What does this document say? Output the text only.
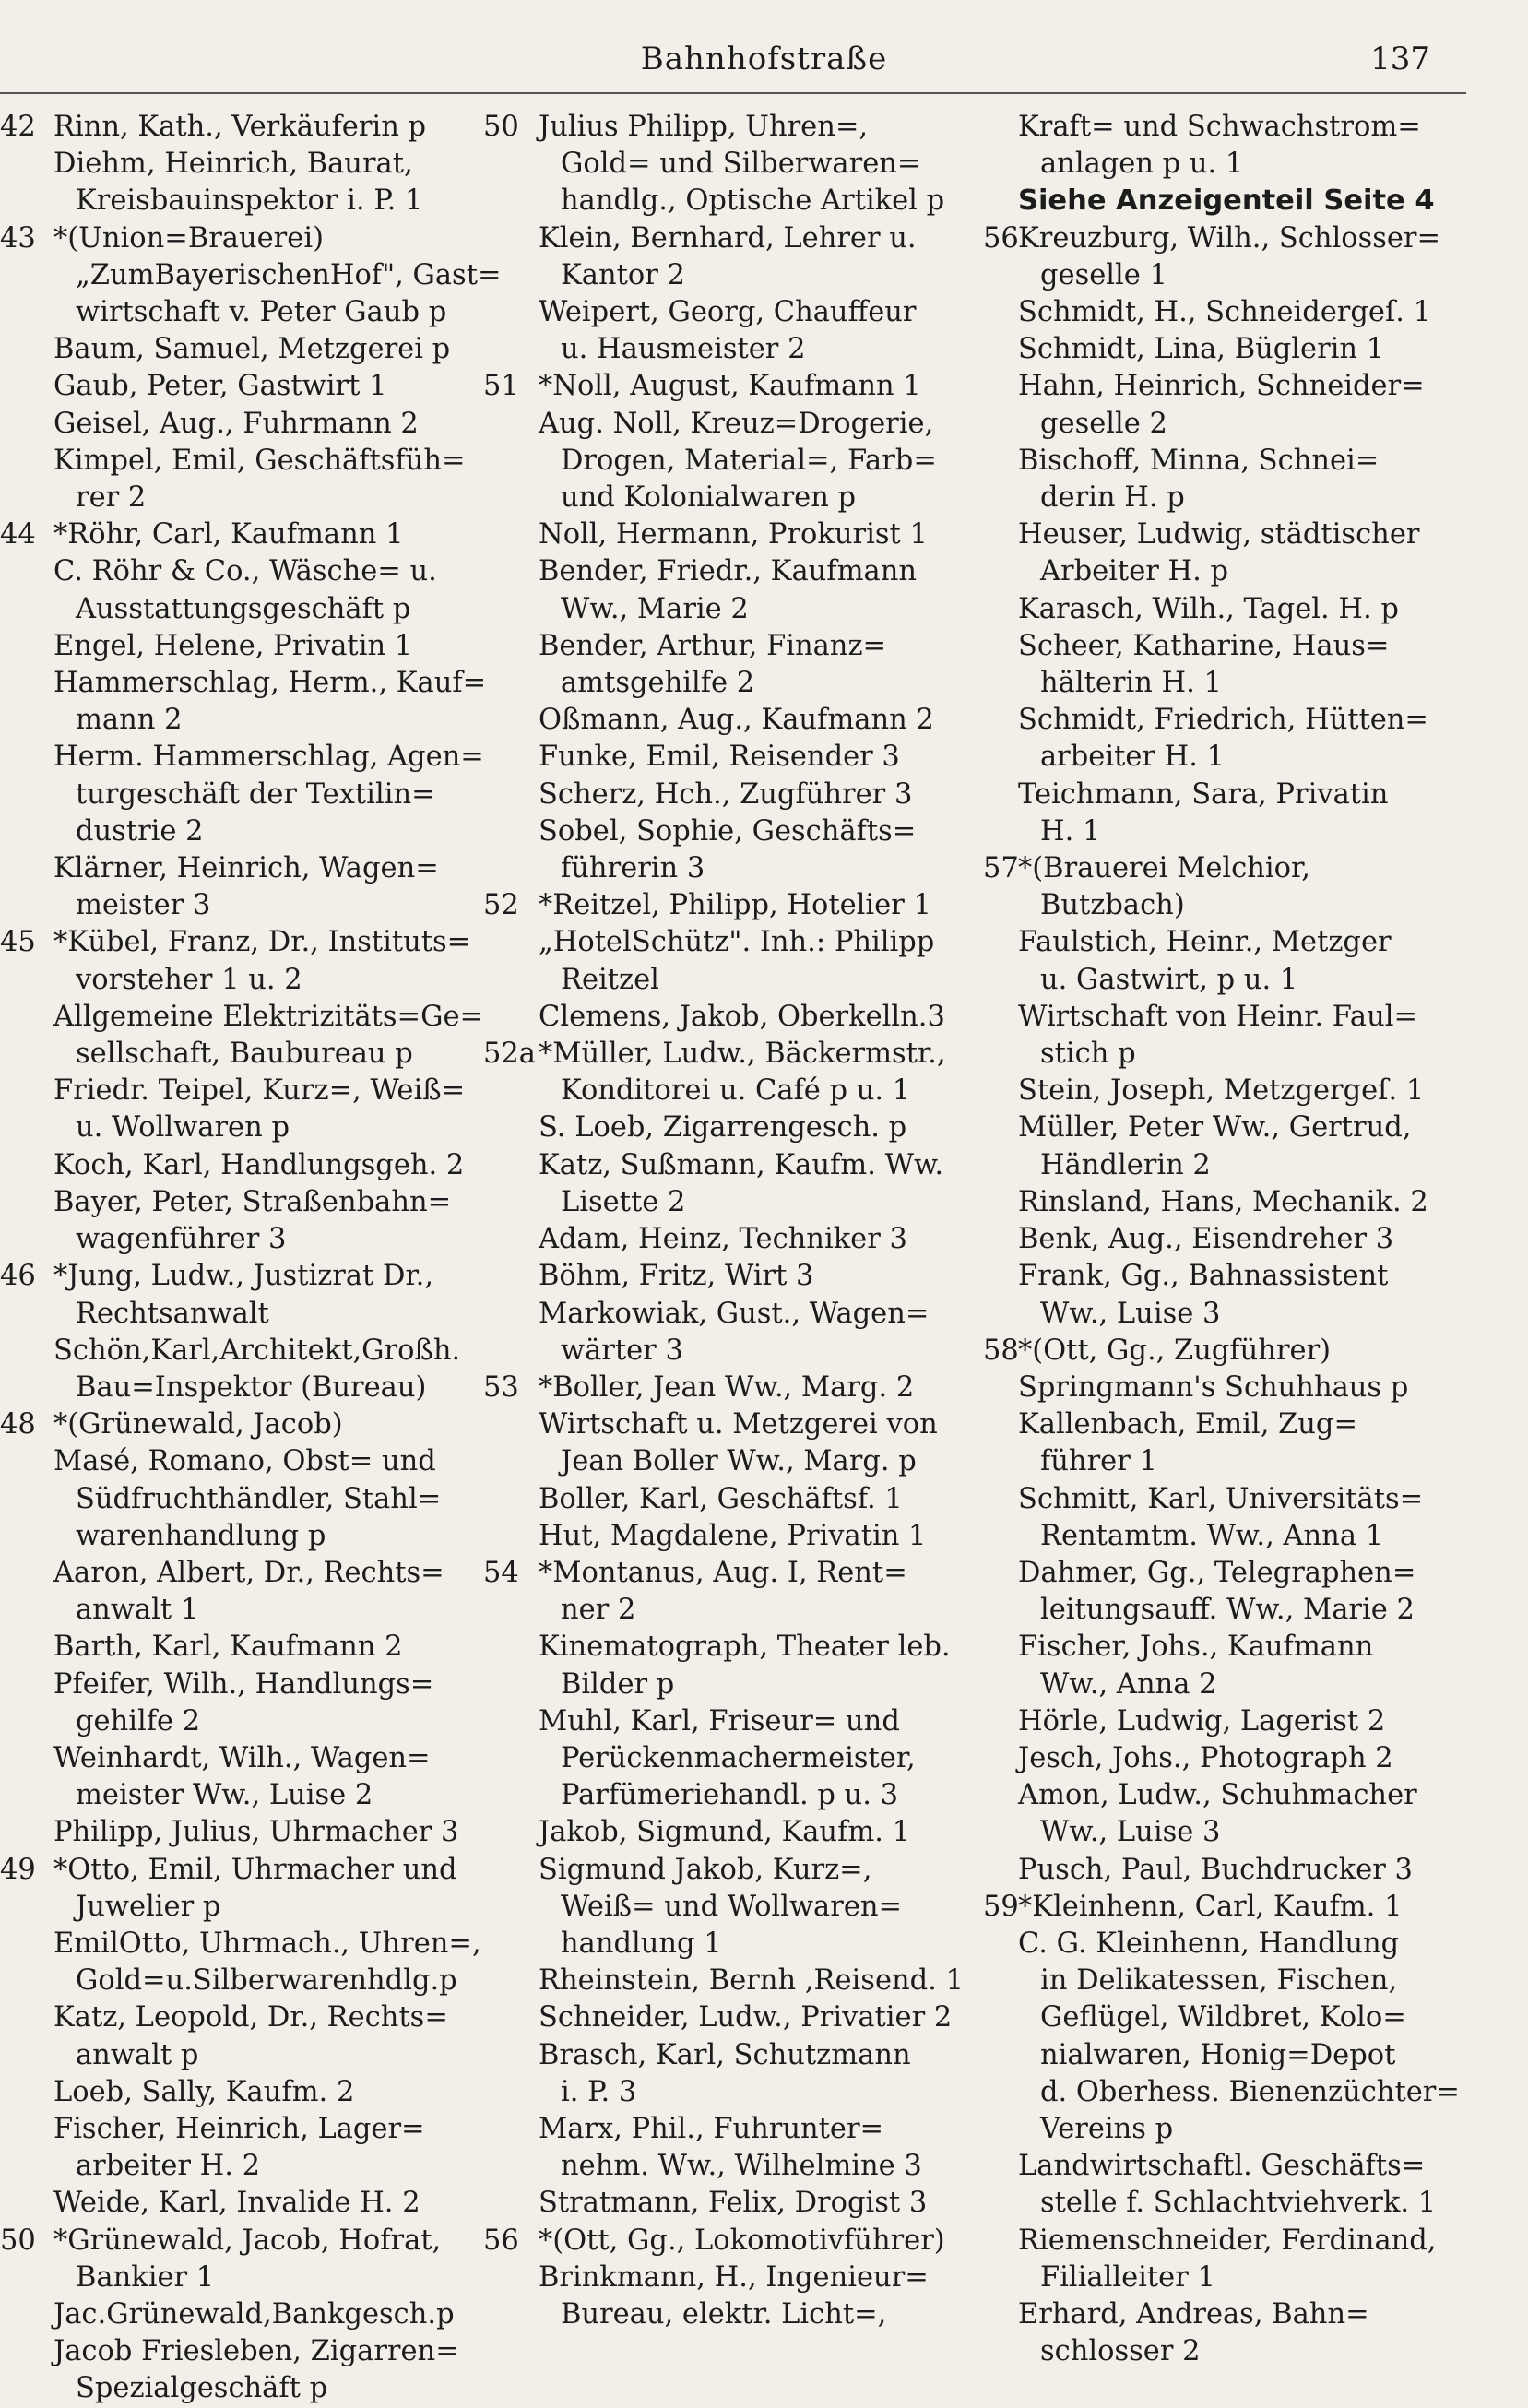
Bahnhofstraße	137
42 Rinn, Kath., Verkäuferin p
Diehm, Heinrich, Baurat,
Kreisbauinspektor i. P. 1
43 *(Union=Brauerei)
„ZumBayerischenHof", Gast=
wirtschaft v. Peter Gaub p
Baum, Samuel, Metzgerei p
Gaub, Peter, Gastwirt 1
Geisel, Aug., Fuhrmann 2
Kimpel, Emil, Geschäftsfüh=
rer 2
44 *Röhr, Carl, Kaufmann 1
C. Röhr & Co., Wäsche= u.
Ausstattungsgeschäft p
Engel, Helene, Privatin 1
Hammerschlag, Herm., Kauf=
mann 2
Herm. Hammerschlag, Agen=
turgeschäft der Textilin=
dustrie 2
Klärner, Heinrich, Wagen=
meister 3
45 *Kübel, Franz, Dr., Instituts=
vorsteher 1 u. 2
Allgemeine Elektrizitäts=Ge=
sellschaft, Baubureau p
Friedr. Teipel, Kurz=, Weiß=
u. Wollwaren p
Koch, Karl, Handlungsgeh. 2
Bayer, Peter, Straßenbahn=
wagenführer 3
46 *Jung, Ludw., Justizrat Dr.,
Rechtsanwalt
Schön,Karl,Architekt,Großh.
Bau=Inspektor (Bureau)
48 *(Grünewald, Jacob)
Masé, Romano, Obst= und
Südfruchthändler, Stahl=
warenhandlung p
Aaron, Albert, Dr., Rechts=
anwalt 1
Barth, Karl, Kaufmann 2
Pfeifer, Wilh., Handlungs=
gehilfe 2
Weinhardt, Wilh., Wagen=
meister Ww., Luise 2
Philipp, Julius, Uhrmacher 3
49 *Otto, Emil, Uhrmacher und
Juwelier p
EmilOtto, Uhrmach., Uhren=,
Gold=u.Silberwarenhdlg.p
Katz, Leopold, Dr., Rechts=
anwalt p
Loeb, Sally, Kaufm. 2
Fischer, Heinrich, Lager=
arbeiter H. 2
Weide, Karl, Invalide H. 2
50 *Grünewald, Jacob, Hofrat,
Bankier 1
Jac.Grünewald,Bankgesch.p
Jacob Friesleben, Zigarren=
Spezialgeschäft p
50 Julius Philipp, Uhren=,
Gold= und Silberwaren=
handlg., Optische Artikel p
Klein, Bernhard, Lehrer u.
Kantor 2
Weipert, Georg, Chauffeur
u. Hausmeister 2
51 *Noll, August, Kaufmann 1
Aug. Noll, Kreuz=Drogerie,
Drogen, Material=, Farb=
und Kolonialwaren p
Noll, Hermann, Prokurist 1
Bender, Friedr., Kaufmann
Ww., Marie 2
Bender, Arthur, Finanz=
amtsgehilfe 2
Oßmann, Aug., Kaufmann 2
Funke, Emil, Reisender 3
Scherz, Hch., Zugführer 3
Sobel, Sophie, Geschäfts=
führerin 3
52 *Reitzel, Philipp, Hotelier 1
„HotelSchütz". Inh.: Philipp
Reitzel
Clemens, Jakob, Oberkelln.3
52a *Müller, Ludw., Bäckermstr.,
Konditorei u. Café p u. 1
S. Loeb, Zigarrengesch. p
Katz, Sußmann, Kaufm. Ww.
Lisette 2
Adam, Heinz, Techniker 3
Böhm, Fritz, Wirt 3
Markowiak, Gust., Wagen=
wärter 3
53 *Boller, Jean Ww., Marg. 2
Wirtschaft u. Metzgerei von
Jean Boller Ww., Marg. p
Boller, Karl, Geschäftsf. 1
Hut, Magdalene, Privatin 1
54 *Montanus, Aug. I, Rent=
ner 2
Kinematograph, Theater leb.
Bilder p
Muhl, Karl, Friseur= und
Perückenmachermeister,
Parfümeriehandl. p u. 3
Jakob, Sigmund, Kaufm. 1
Sigmund Jakob, Kurz=,
Weiß= und Wollwaren=
handlung 1
Rheinstein, Bernh ,Reisend. 1
Schneider, Ludw., Privatier 2
Brasch, Karl, Schutzmann
i. P. 3
Marx, Phil., Fuhrunter=
nehm. Ww., Wilhelmine 3
Stratmann, Felix, Drogist 3
56 *(Ott, Gg., Lokomotivführer)
Brinkmann, H., Ingenieur=
Bureau, elektr. Licht=,
Kraft= und Schwachstrom=
anlagen p u. 1
Siehe Anzeigenteil Seite 4
56 Kreuzburg, Wilh., Schlosser=
geselle 1
Schmidt, H., Schneidergeſ. 1
Schmidt, Lina, Büglerin 1
Hahn, Heinrich, Schneider=
geselle 2
Bischoff, Minna, Schnei=
derin H. p
Heuser, Ludwig, städtischer
Arbeiter H. p
Karasch, Wilh., Tagel. H. p
Scheer, Katharine, Haus=
hälterin H. 1
Schmidt, Friedrich, Hütten=
arbeiter H. 1
Teichmann, Sara, Privatin
H. 1
57 *(Brauerei Melchior,
Butzbach)
Faulstich, Heinr., Metzger
u. Gastwirt, p u. 1
Wirtschaft von Heinr. Faul=
stich p
Stein, Joseph, Metzgergeſ. 1
Müller, Peter Ww., Gertrud,
Händlerin 2
Rinsland, Hans, Mechanik. 2
Benk, Aug., Eisendreher 3
Frank, Gg., Bahnassistent
Ww., Luise 3
58 *(Ott, Gg., Zugführer)
Springmann's Schuhhaus p
Kallenbach, Emil, Zug=
führer 1
Schmitt, Karl, Universitäts=
Rentamtm. Ww., Anna 1
Dahmer, Gg., Telegraphen=
leitungsauff. Ww., Marie 2
Fischer, Johs., Kaufmann
Ww., Anna 2
Hörle, Ludwig, Lagerist 2
Jesch, Johs., Photograph 2
Amon, Ludw., Schuhmacher
Ww., Luise 3
Pusch, Paul, Buchdrucker 3
59 *Kleinhenn, Carl, Kaufm. 1
C. G. Kleinhenn, Handlung
in Delikatessen, Fischen,
Geflügel, Wildbret, Kolo=
nialwaren, Honig=Depot
d. Oberhess. Bienenzüchter=
Vereins p
Landwirtschaftl. Geschäfts=
stelle f. Schlachtviehverk. 1
Riemenschneider, Ferdinand,
Filialleiter 1
Erhard, Andreas, Bahn=
schlosser 2
